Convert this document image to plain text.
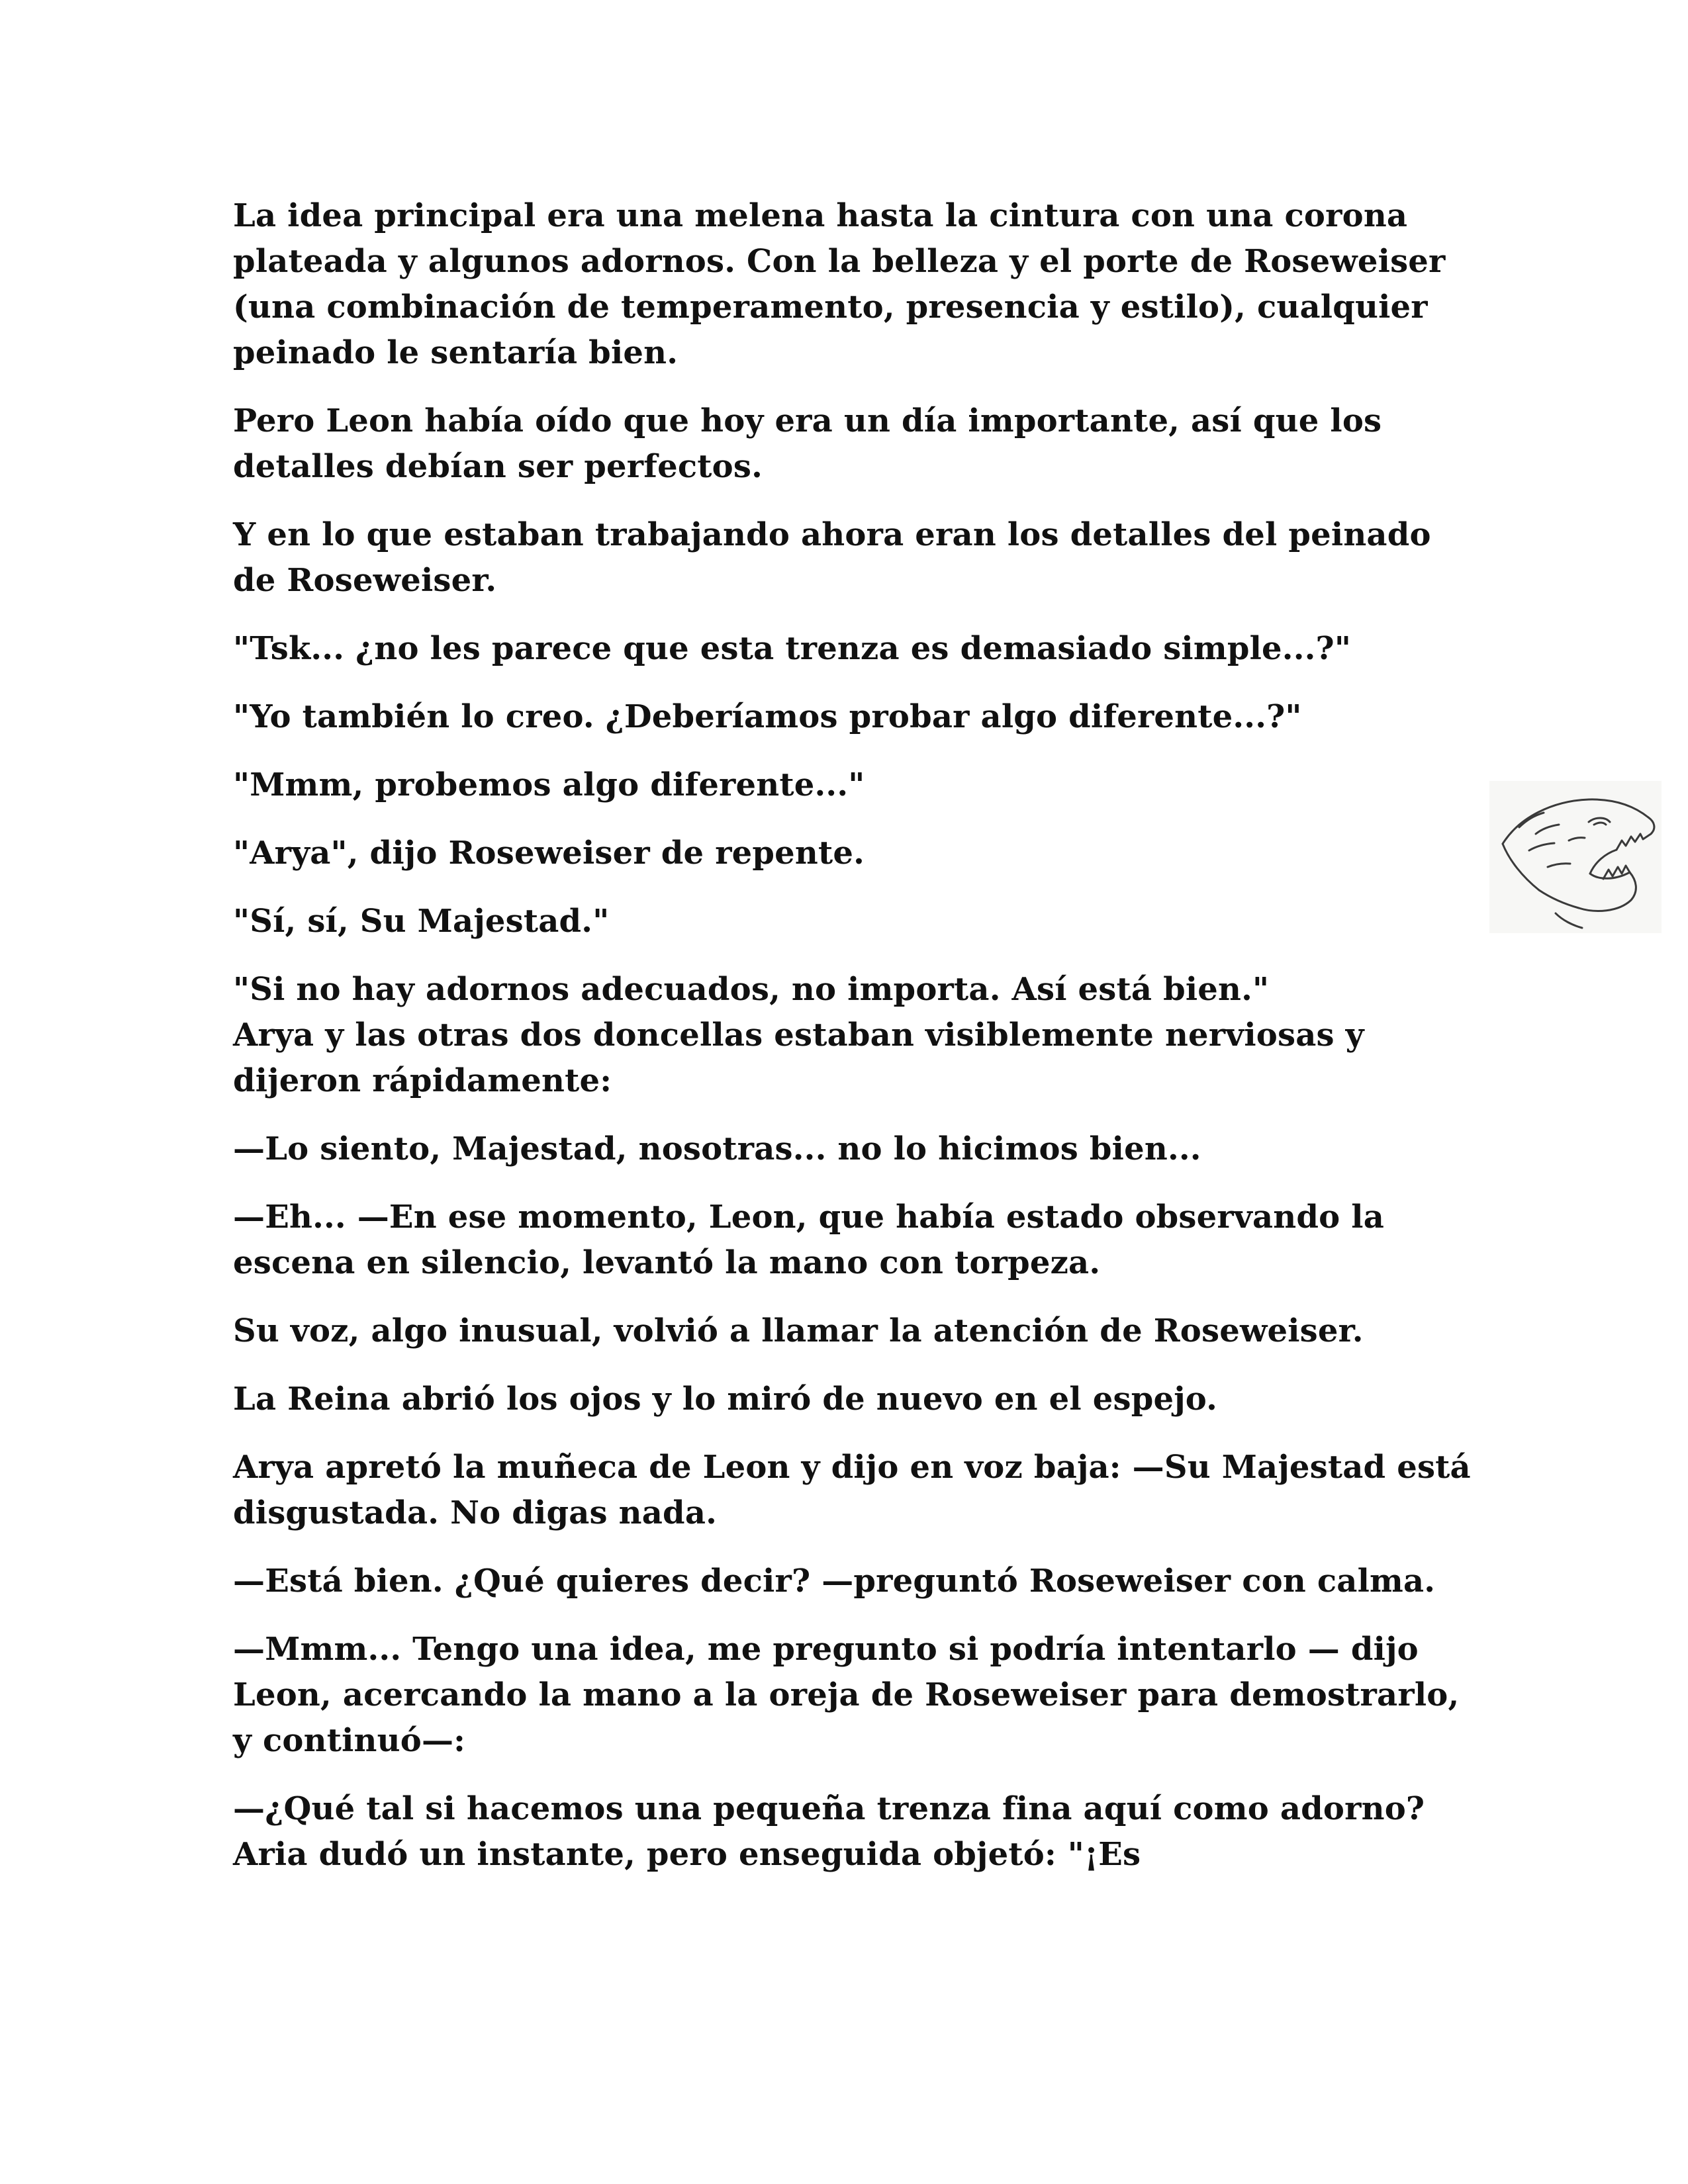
La idea principal era una melena hasta la cintura con una corona plateada y algunos adornos. Con la belleza y el porte de Roseweiser (una combinación de temperamento, presencia y estilo), cualquier peinado le sentaría bien.

Pero Leon había oído que hoy era un día importante, así que los detalles debían ser perfectos.

Y en lo que estaban trabajando ahora eran los detalles del peinado de Roseweiser.

"Tsk... ¿no les parece que esta trenza es demasiado simple...?"

"Yo también lo creo. ¿Deberíamos probar algo diferente...?"

"Mmm, probemos algo diferente..."

"Arya", dijo Roseweiser de repente.

"Sí, sí, Su Majestad."

"Si no hay adornos adecuados, no importa. Así está bien."
Arya y las otras dos doncellas estaban visiblemente nerviosas y dijeron rápidamente:

—Lo siento, Majestad, nosotras... no lo hicimos bien...

—Eh... —En ese momento, Leon, que había estado observando la escena en silencio, levantó la mano con torpeza.

Su voz, algo inusual, volvió a llamar la atención de Roseweiser.

La Reina abrió los ojos y lo miró de nuevo en el espejo.

Arya apretó la muñeca de Leon y dijo en voz baja: —Su Majestad está disgustada. No digas nada.

—Está bien. ¿Qué quieres decir? —preguntó Roseweiser con calma.

—Mmm... Tengo una idea, me pregunto si podría intentarlo — dijo Leon, acercando la mano a la oreja de Roseweiser para demostrarlo, y continuó—:

—¿Qué tal si hacemos una pequeña trenza fina aquí como adorno? Aria dudó un instante, pero enseguida objetó: "¡Es
